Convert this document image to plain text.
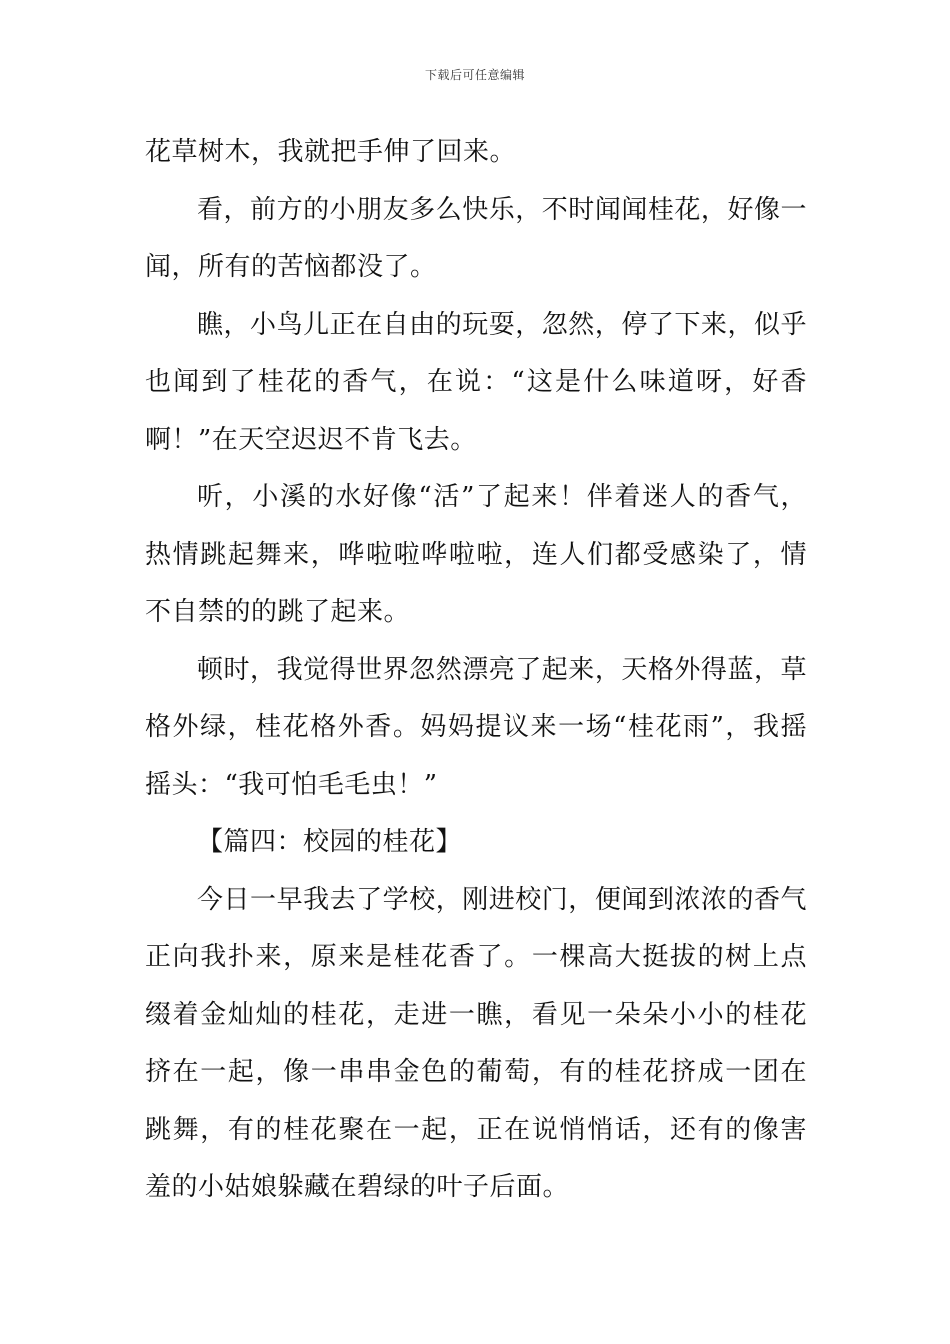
下载后可任意编辑

花草树木，我就把手伸了回来。

看，前方的小朋友多么快乐，不时闻闻桂花，好像一闻，所有的苦恼都没了。

瞧，小鸟儿正在自由的玩耍，忽然，停了下来，似乎也闻到了桂花的香气，在说：“这是什么味道呀，好香啊！”在天空迟迟不肯飞去。

听，小溪的水好像“活”了起来！伴着迷人的香气，热情跳起舞来，哗啦啦哗啦啦，连人们都受感染了，情不自禁的的跳了起来。

顿时，我觉得世界忽然漂亮了起来，天格外得蓝，草格外绿，桂花格外香。妈妈提议来一场“桂花雨”，我摇摇头：“我可怕毛毛虫！”

【篇四：校园的桂花】

今日一早我去了学校，刚进校门，便闻到浓浓的香气正向我扑来，原来是桂花香了。一棵高大挺拔的树上点缀着金灿灿的桂花，走进一瞧，看见一朵朵小小的桂花挤在一起，像一串串金色的葡萄，有的桂花挤成一团在跳舞，有的桂花聚在一起，正在说悄悄话，还有的像害羞的小姑娘躲藏在碧绿的叶子后面。
